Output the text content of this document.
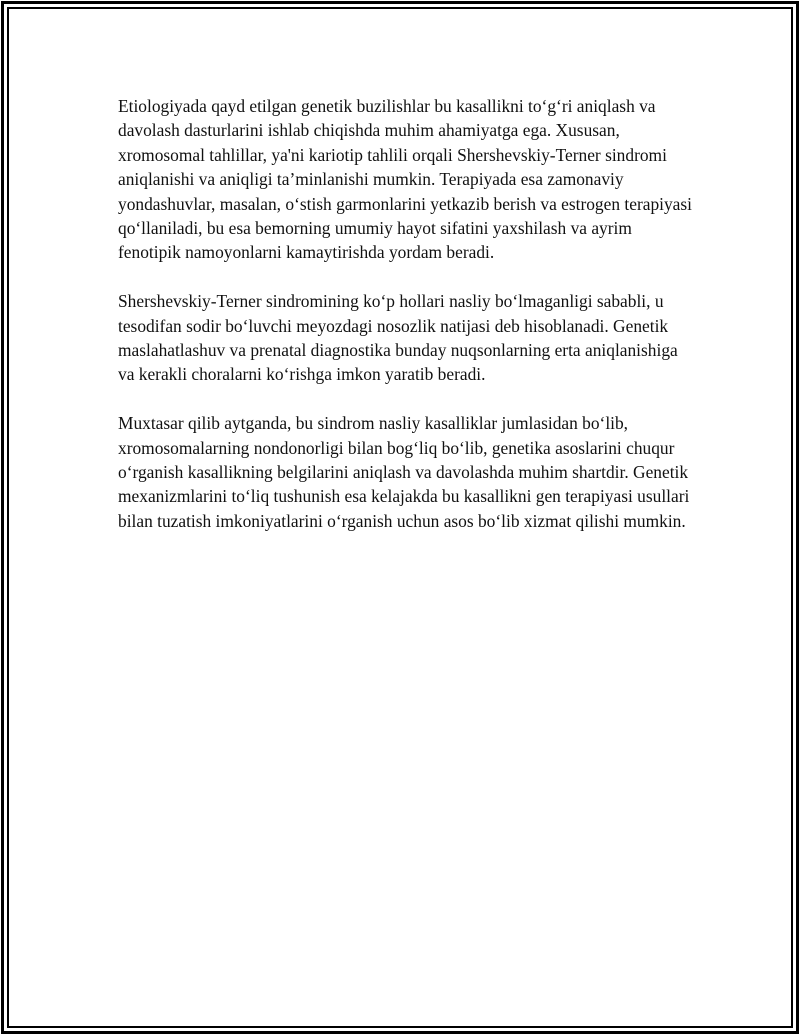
Etiologiyada qayd etilgan genetik buzilishlar bu kasallikni to‘g‘ri aniqlash va davolash dasturlarini ishlab chiqishda muhim ahamiyatga ega. Xususan, xromosomal tahlillar, ya'ni kariotip tahlili orqali Shershevskiy-Terner sindromi aniqlanishi va aniqligi ta’minlanishi mumkin. Terapiyada esa zamonaviy yondashuvlar, masalan, o‘stish garmonlarini yetkazib berish va estrogen terapiyasi qo‘llaniladi, bu esa bemorning umumiy hayot sifatini yaxshilash va ayrim fenotipik namoyonlarni kamaytirishda yordam beradi.

Shershevskiy-Terner sindromining ko‘p hollari nasliy bo‘lmaganligi sababli, u tesodifan sodir bo‘luvchi meyozdagi nosozlik natijasi deb hisoblanadi. Genetik maslahatlashuv va prenatal diagnostika bunday nuqsonlarning erta aniqlanishiga va kerakli choralarni ko‘rishga imkon yaratib beradi.

Muxtasar qilib aytganda, bu sindrom nasliy kasalliklar jumlasidan bo‘lib, xromosomalarning nondonorligi bilan bog‘liq bo‘lib, genetika asoslarini chuqur o‘rganish kasallikning belgilarini aniqlash va davolashda muhim shartdir. Genetik mexanizmlarini to‘liq tushunish esa kelajakda bu kasallikni gen terapiyasi usullari bilan tuzatish imkoniyatlarini o‘rganish uchun asos bo‘lib xizmat qilishi mumkin.
